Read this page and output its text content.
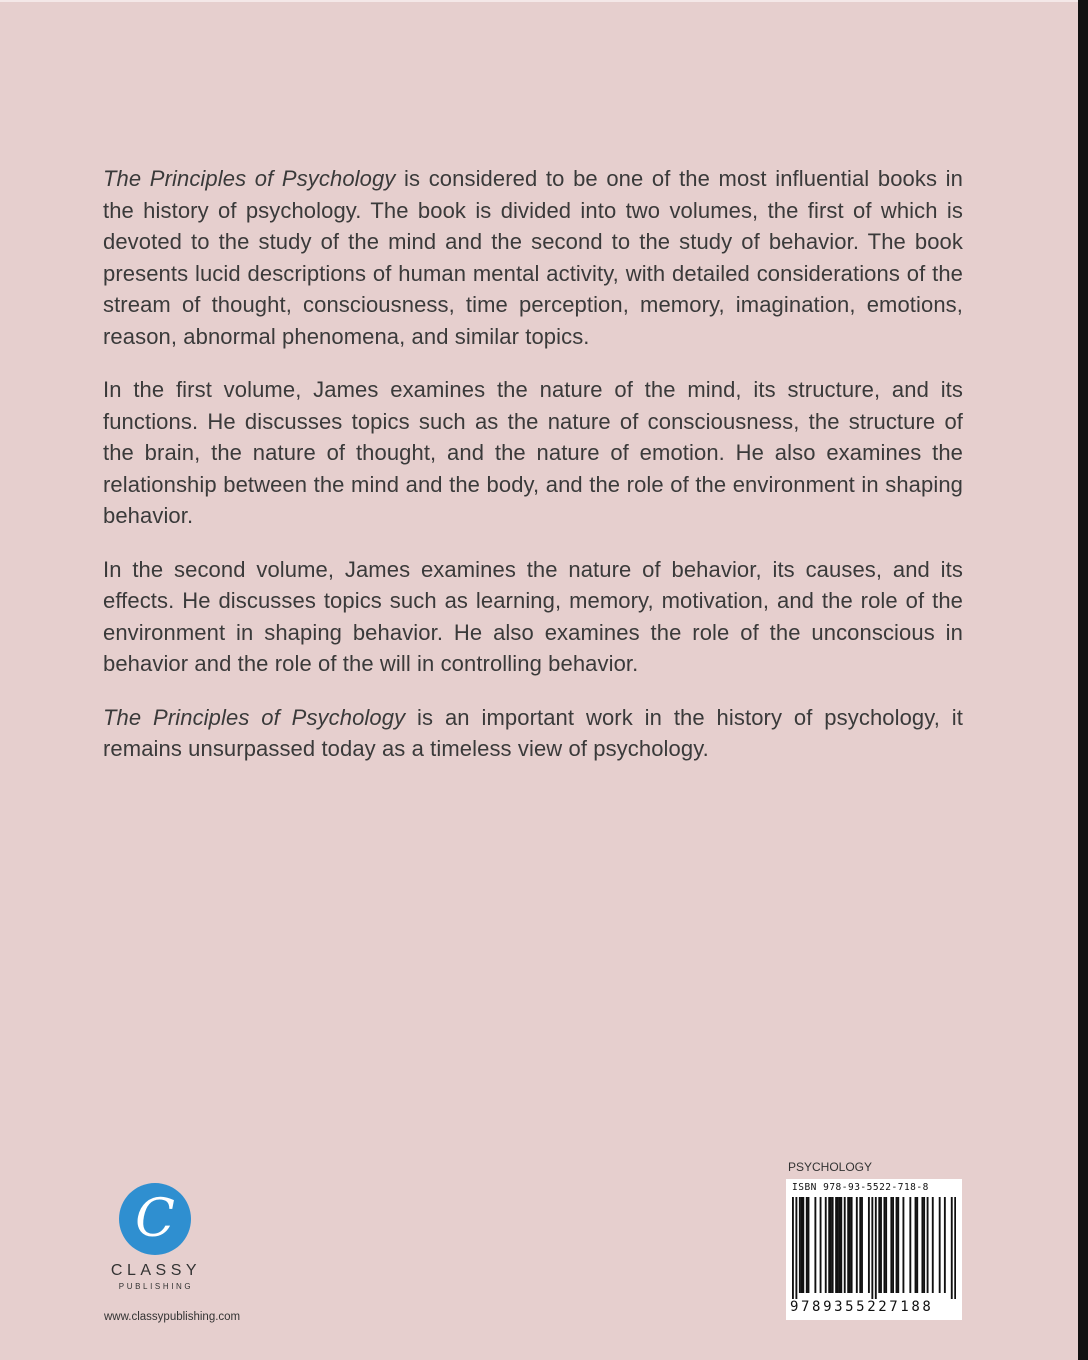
The Principles of Psychology is considered to be one of the most influential books in the history of psychology. The book is divided into two volumes, the first of which is devoted to the study of the mind and the second to the study of behavior. The book presents lucid descriptions of human mental activity, with detailed considerations of the stream of thought, consciousness, time perception, memory, imagination, emotions, reason, abnormal phenomena, and similar topics.

In the first volume, James examines the nature of the mind, its structure, and its functions. He discusses topics such as the nature of consciousness, the structure of the brain, the nature of thought, and the nature of emotion. He also examines the relationship between the mind and the body, and the role of the environment in shaping behavior.

In the second volume, James examines the nature of behavior, its causes, and its effects. He discusses topics such as learning, memory, motivation, and the role of the environment in shaping behavior. He also examines the role of the unconscious in behavior and the role of the will in controlling behavior.

The Principles of Psychology is an important work in the history of psychology, it remains unsurpassed today as a timeless view of psychology.

C
CLASSY
PUBLISHING
www.classypublishing.com
PSYCHOLOGY
ISBN 978-93-5522-718-8
9789355227188
